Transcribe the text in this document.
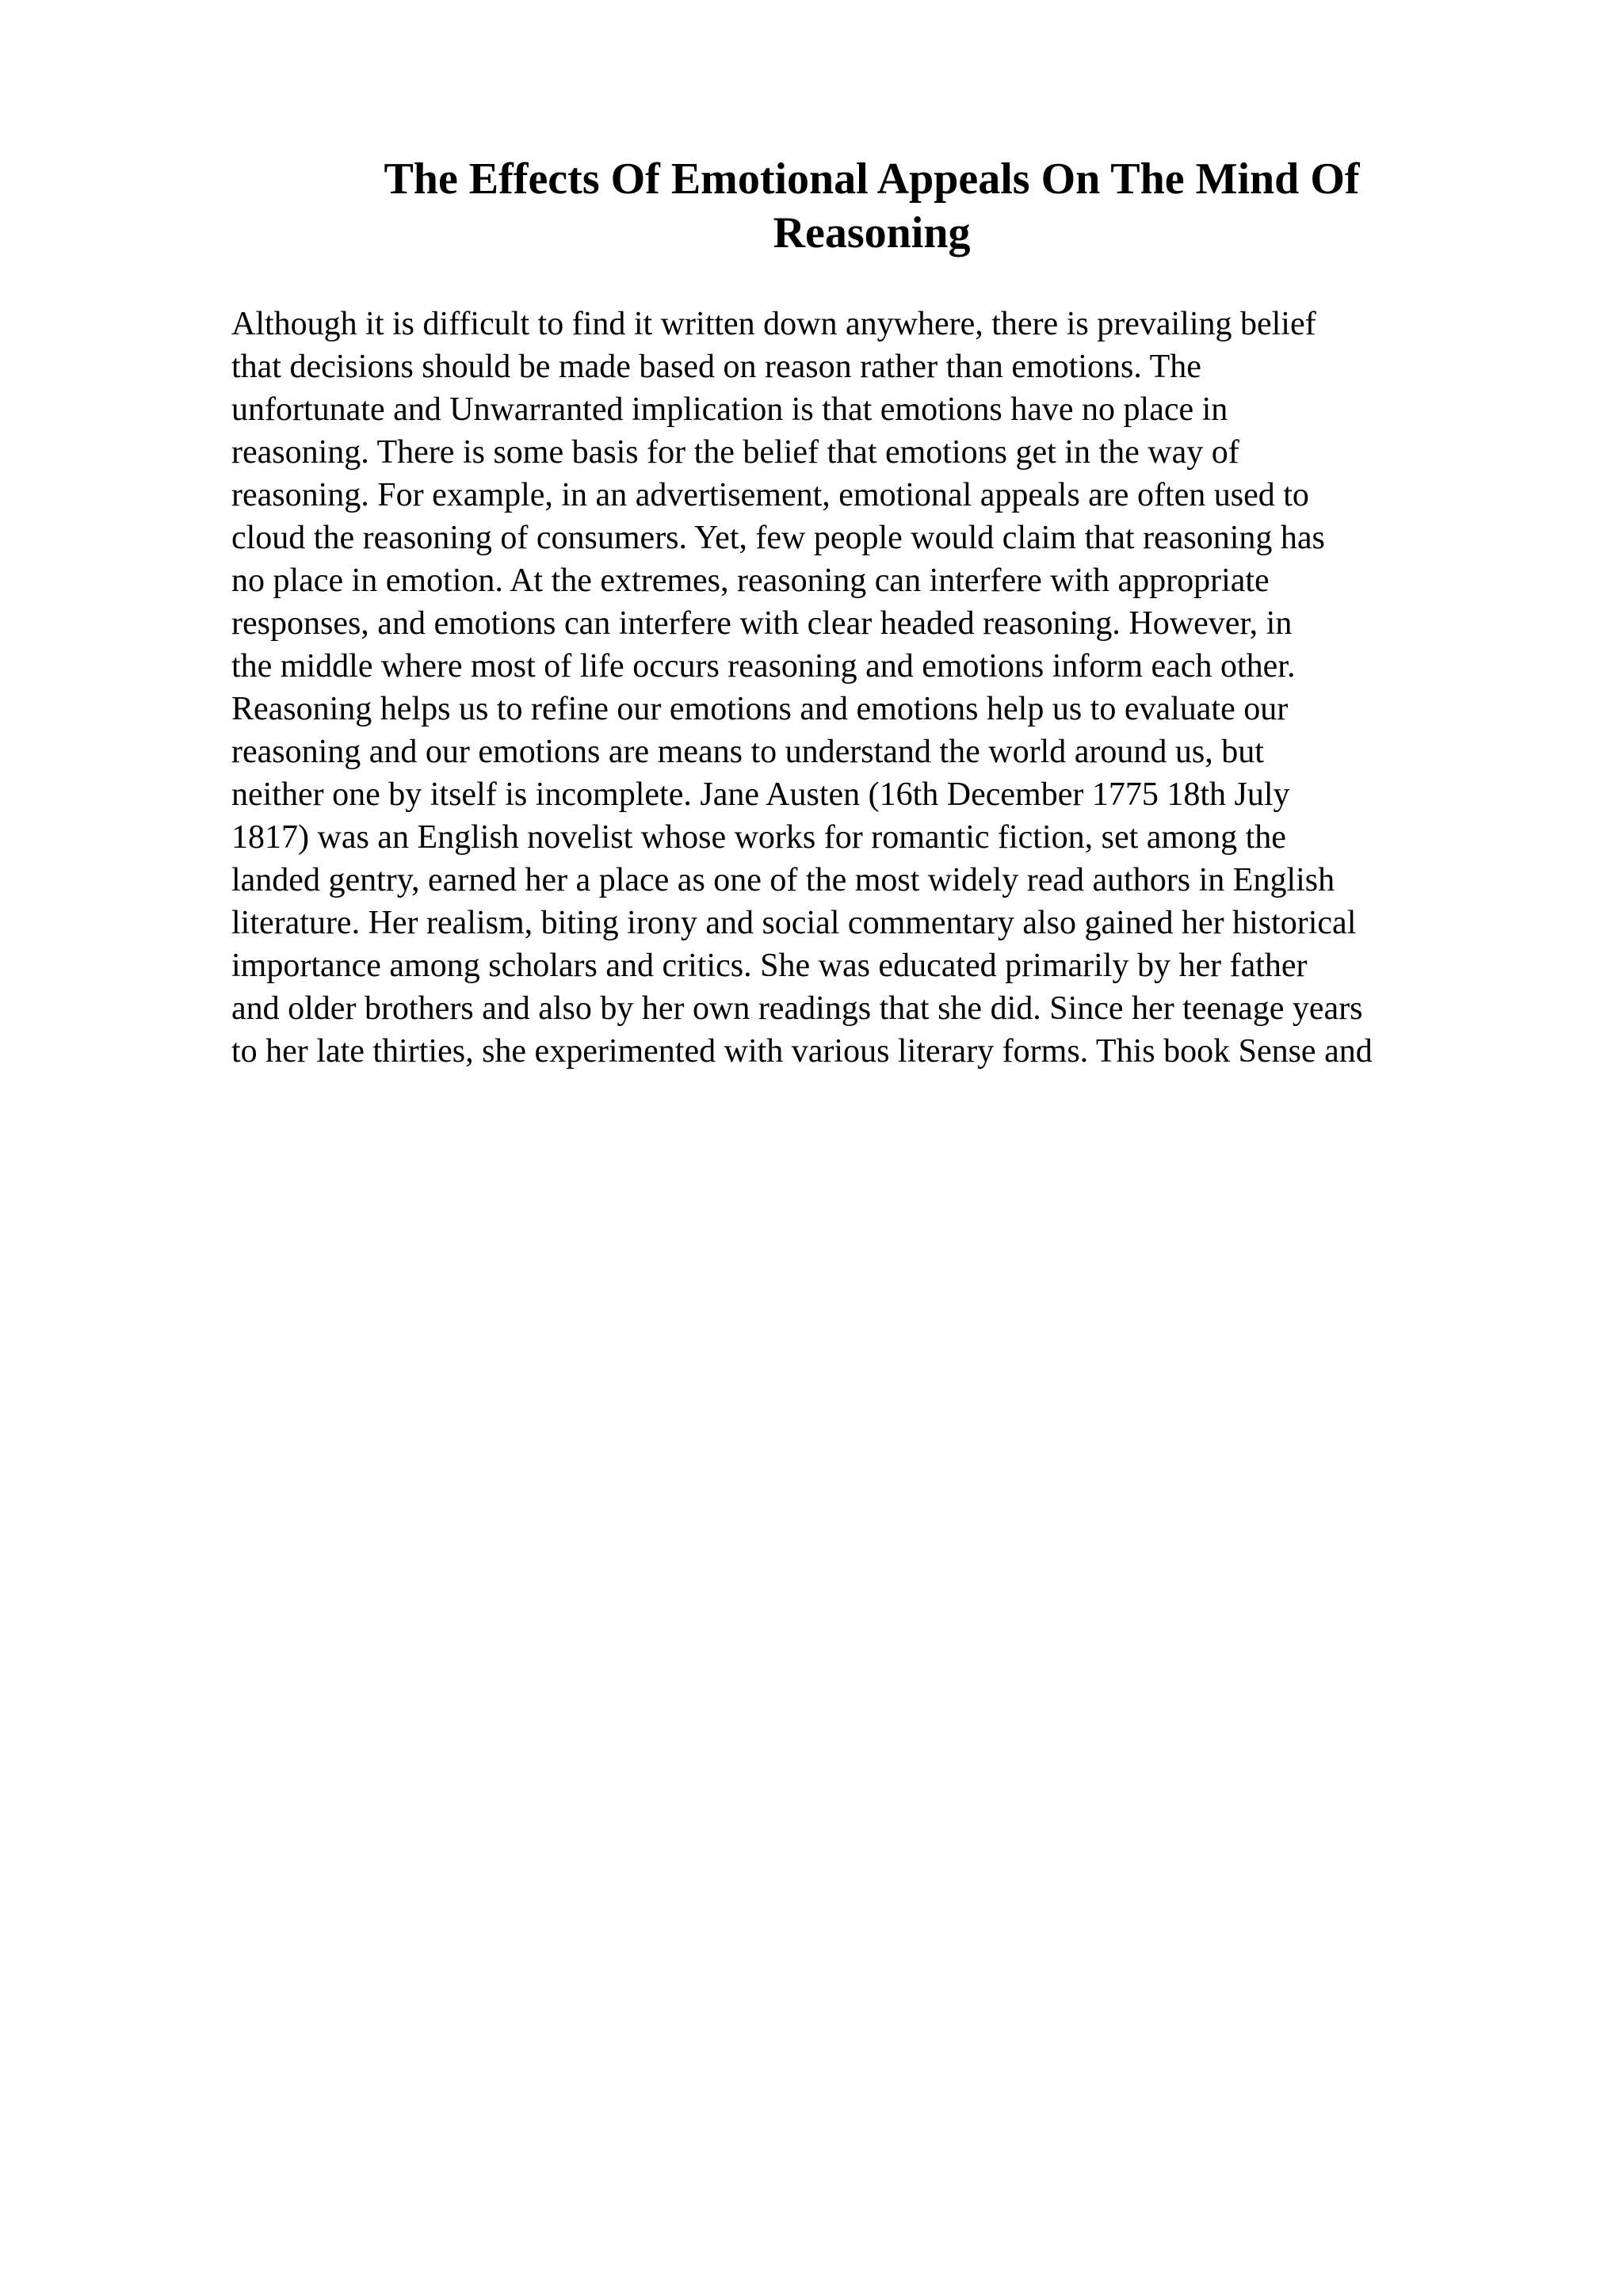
The Effects Of Emotional Appeals On The Mind Of
Reasoning
Although it is difficult to find it written down anywhere, there is prevailing belief
that decisions should be made based on reason rather than emotions. The
unfortunate and Unwarranted implication is that emotions have no place in
reasoning. There is some basis for the belief that emotions get in the way of
reasoning. For example, in an advertisement, emotional appeals are often used to
cloud the reasoning of consumers. Yet, few people would claim that reasoning has
no place in emotion. At the extremes, reasoning can interfere with appropriate
responses, and emotions can interfere with clear headed reasoning. However, in
the middle where most of life occurs reasoning and emotions inform each other.
Reasoning helps us to refine our emotions and emotions help us to evaluate our
reasoning and our emotions are means to understand the world around us, but
neither one by itself is incomplete. Jane Austen (16th December 1775 18th July
1817) was an English novelist whose works for romantic fiction, set among the
landed gentry, earned her a place as one of the most widely read authors in English
literature. Her realism, biting irony and social commentary also gained her historical
importance among scholars and critics. She was educated primarily by her father
and older brothers and also by her own readings that she did. Since her teenage years
to her late thirties, she experimented with various literary forms. This book Sense and
